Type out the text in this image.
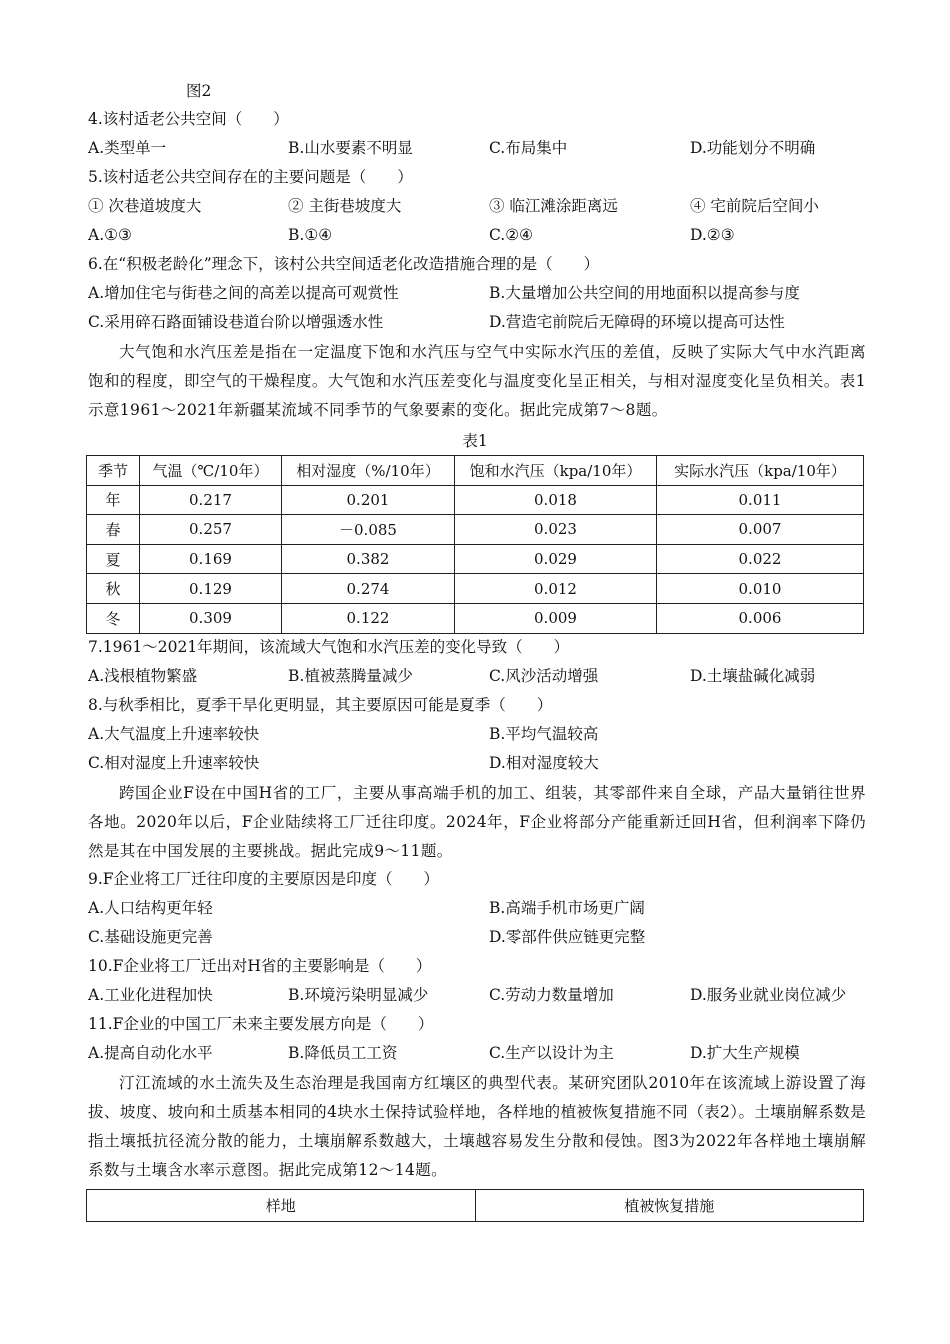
图2
4.该村适老公共空间（　　）
A.类型单一	B.山水要素不明显	C.布局集中	D.功能划分不明确
5.该村适老公共空间存在的主要问题是（　　）
① 次巷道坡度大	② 主街巷坡度大	③ 临江滩涂距离远	④ 宅前院后空间小
A.①③	B.①④	C.②④	D.②③
6.在“积极老龄化”理念下，该村公共空间适老化改造措施合理的是（　　）
A.增加住宅与街巷之间的高差以提高可观赏性	B.大量增加公共空间的用地面积以提高参与度
C.采用碎石路面铺设巷道台阶以增强透水性	D.营造宅前院后无障碍的环境以提高可达性
大气饱和水汽压差是指在一定温度下饱和水汽压与空气中实际水汽压的差值，反映了实际大气中水汽距离饱和的程度，即空气的干燥程度。大气饱和水汽压差变化与温度变化呈正相关，与相对湿度变化呈负相关。表1示意1961～2021年新疆某流域不同季节的气象要素的变化。据此完成第7～8题。
表1
季节	气温（℃/10年）	相对湿度（%/10年）	饱和水汽压（kpa/10年）	实际水汽压（kpa/10年）
年	0.217	0.201	0.018	0.011
春	0.257	－0.085	0.023	0.007
夏	0.169	0.382	0.029	0.022
秋	0.129	0.274	0.012	0.010
冬	0.309	0.122	0.009	0.006
7.1961～2021年期间，该流域大气饱和水汽压差的变化导致（　　）
A.浅根植物繁盛	B.植被蒸腾量减少	C.风沙活动增强	D.土壤盐碱化减弱
8.与秋季相比，夏季干旱化更明显，其主要原因可能是夏季（　　）
A.大气温度上升速率较快	B.平均气温较高
C.相对湿度上升速率较快	D.相对湿度较大
跨国企业F设在中国H省的工厂，主要从事高端手机的加工、组装，其零部件来自全球，产品大量销往世界各地。2020年以后，F企业陆续将工厂迁往印度。2024年，F企业将部分产能重新迁回H省，但利润率下降仍然是其在中国发展的主要挑战。据此完成9～11题。
9.F企业将工厂迁往印度的主要原因是印度（　　）
A.人口结构更年轻	B.高端手机市场更广阔
C.基础设施更完善	D.零部件供应链更完整
10.F企业将工厂迁出对H省的主要影响是（　　）
A.工业化进程加快	B.环境污染明显减少	C.劳动力数量增加	D.服务业就业岗位减少
11.F企业的中国工厂未来主要发展方向是（　　）
A.提高自动化水平	B.降低员工工资	C.生产以设计为主	D.扩大生产规模
汀江流域的水土流失及生态治理是我国南方红壤区的典型代表。某研究团队2010年在该流域上游设置了海拔、坡度、坡向和土质基本相同的4块水土保持试验样地，各样地的植被恢复措施不同（表2）。土壤崩解系数是指土壤抵抗径流分散的能力，土壤崩解系数越大，土壤越容易发生分散和侵蚀。图3为2022年各样地土壤崩解系数与土壤含水率示意图。据此完成第12～14题。
样地	植被恢复措施
